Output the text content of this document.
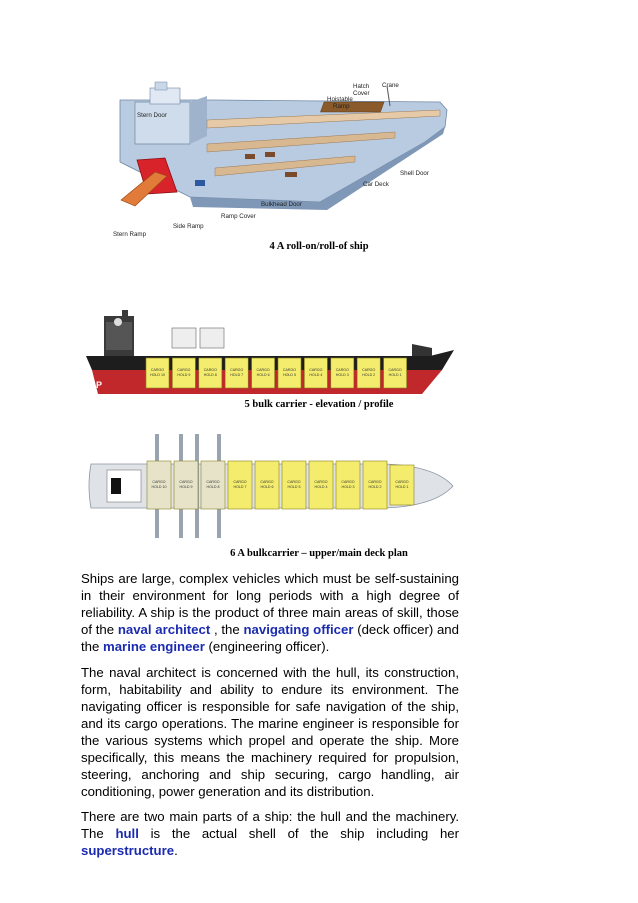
Hatch
Cover
Crane
Hoistable
Ramp
Stern Door
Shell Door
Car Deck
Bulkhead Door
Ramp Cover
Side Ramp
Stern Ramp
4 A roll-on/roll-of ship
P
CARGO
HOLD 10
CARGO
HOLD 9
CARGO
HOLD 8
CARGO
HOLD 7
CARGO
HOLD 6
CARGO
HOLD 5
CARGO
HOLD 4
CARGO
HOLD 3
CARGO
HOLD 2
CARGO
HOLD 1
5 bulk carrier - elevation / profile
CARGO
HOLD 10
CARGO
HOLD 9
CARGO
HOLD 8
CARGO
HOLD 7
CARGO
HOLD 6
CARGO
HOLD 5
CARGO
HOLD 4
CARGO
HOLD 3
CARGO
HOLD 2
CARGO
HOLD 1
6 A bulkcarrier – upper/main deck plan

Ships are large, complex vehicles which must be self-sustaining in their environment for long periods with a high degree of reliability. A ship is the product of three main areas of skill, those of the naval architect , the navigating officer (deck officer) and the marine engineer (engineering officer).

The naval architect is concerned with the hull, its construction, form, habitability and ability to endure its environment. The navigating officer is responsible for safe navigation of the ship, and its cargo operations. The marine engineer is responsible for the various systems which propel and operate the ship. More specifically, this means the machinery required for propulsion, steering, anchoring and ship securing, cargo handling, air conditioning, power generation and its distribution.

There are two main parts of a ship: the hull and the machinery. The hull is the actual shell of the ship including her superstructure.
